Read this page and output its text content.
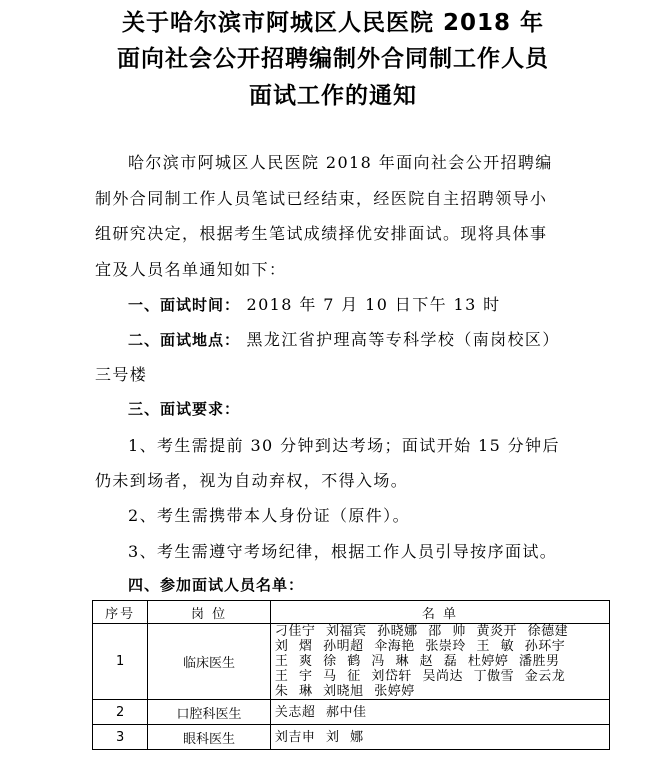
关于哈尔滨市阿城区人民医院 2018 年
面向社会公开招聘编制外合同制工作人员
面试工作的通知
哈尔滨市阿城区人民医院 2018 年面向社会公开招聘编
制外合同制工作人员笔试已经结束，经医院自主招聘领导小
组研究决定，根据考生笔试成绩择优安排面试。现将具体事
宜及人员名单通知如下：
一、面试时间： 2018 年 7 月 10 日下午 13 时
二、面试地点： 黑龙江省护理高等专科学校（南岗校区）
三号楼
三、面试要求：
1、考生需提前 30 分钟到达考场；面试开始 15 分钟后
仍未到场者，视为自动弃权，不得入场。
2、考生需携带本人身份证（原件）。
3、考生需遵守考场纪律，根据工作人员引导按序面试。
四、参加面试人员名单：
序号	岗 位	名 单
1	临床医生	刁佳宁 刘福宾 孙晓娜 邵 帅 黄炎开 徐德建
刘 熠 孙明超 伞海艳 张崇玲 王 敏 孙环宇
王 爽 徐 鹤 冯 琳 赵 磊 杜婷婷 潘胜男
王 宇 马 征 刘岱轩 吴尚达 丁傲雪 金云龙
朱 琳 刘晓旭 张婷婷

2	口腔科医生	关志超 郝中佳

3	眼科医生	刘吉申 刘 娜
